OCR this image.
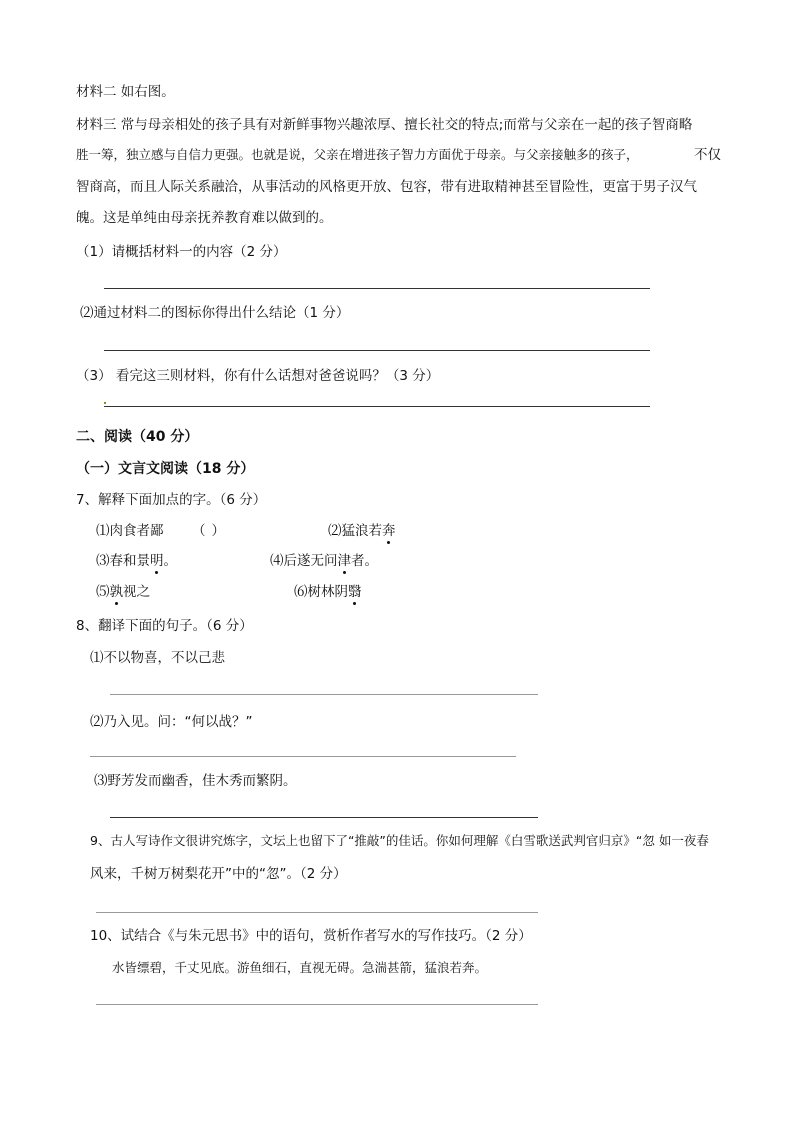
材料二 如右图。
材料三 常与母亲相处的孩子具有对新鲜事物兴趣浓厚、擅长社交的特点;而常与父亲在一起的孩子智商略
胜一筹，独立感与自信力更强。也就是说，父亲在增进孩子智力方面优于母亲。与父亲接触多的孩子，	不仅
智商高，而且人际关系融洽，从事活动的风格更开放、包容，带有进取精神甚至冒险性，更富于男子汉气
魄。这是单纯由母亲抚养教育难以做到的。
（1）请概括材料一的内容（2 分）
⑵通过材料二的图标你得出什么结论（1 分）
（3） 看完这三则材料，你有什么话想对爸爸说吗？（3 分）
二、阅读（40 分）
（一）文言文阅读（18 分）
7、解释下面加点的字。（6 分）
⑴肉食者鄙 （）	⑵猛浪若奔
⑶春和景明。	⑷后遂无问津者。
⑸孰视之	⑹树林阴翳
8、翻译下面的句子。（6 分）
⑴不以物喜，不以己悲
⑵乃入见。问：“何以战？”
⑶野芳发而幽香，佳木秀而繁阴。
9、古人写诗作文很讲究炼字，文坛上也留下了“推敲”的佳话。你如何理解《白雪歌送武判官归京》“忽 如一夜春
风来，千树万树梨花开”中的“忽”。（2 分）
10、试结合《与朱元思书》中的语句，赏析作者写水的写作技巧。（2 分）
水皆缥碧，千丈见底。游鱼细石，直视无碍。急湍甚箭，猛浪若奔。
